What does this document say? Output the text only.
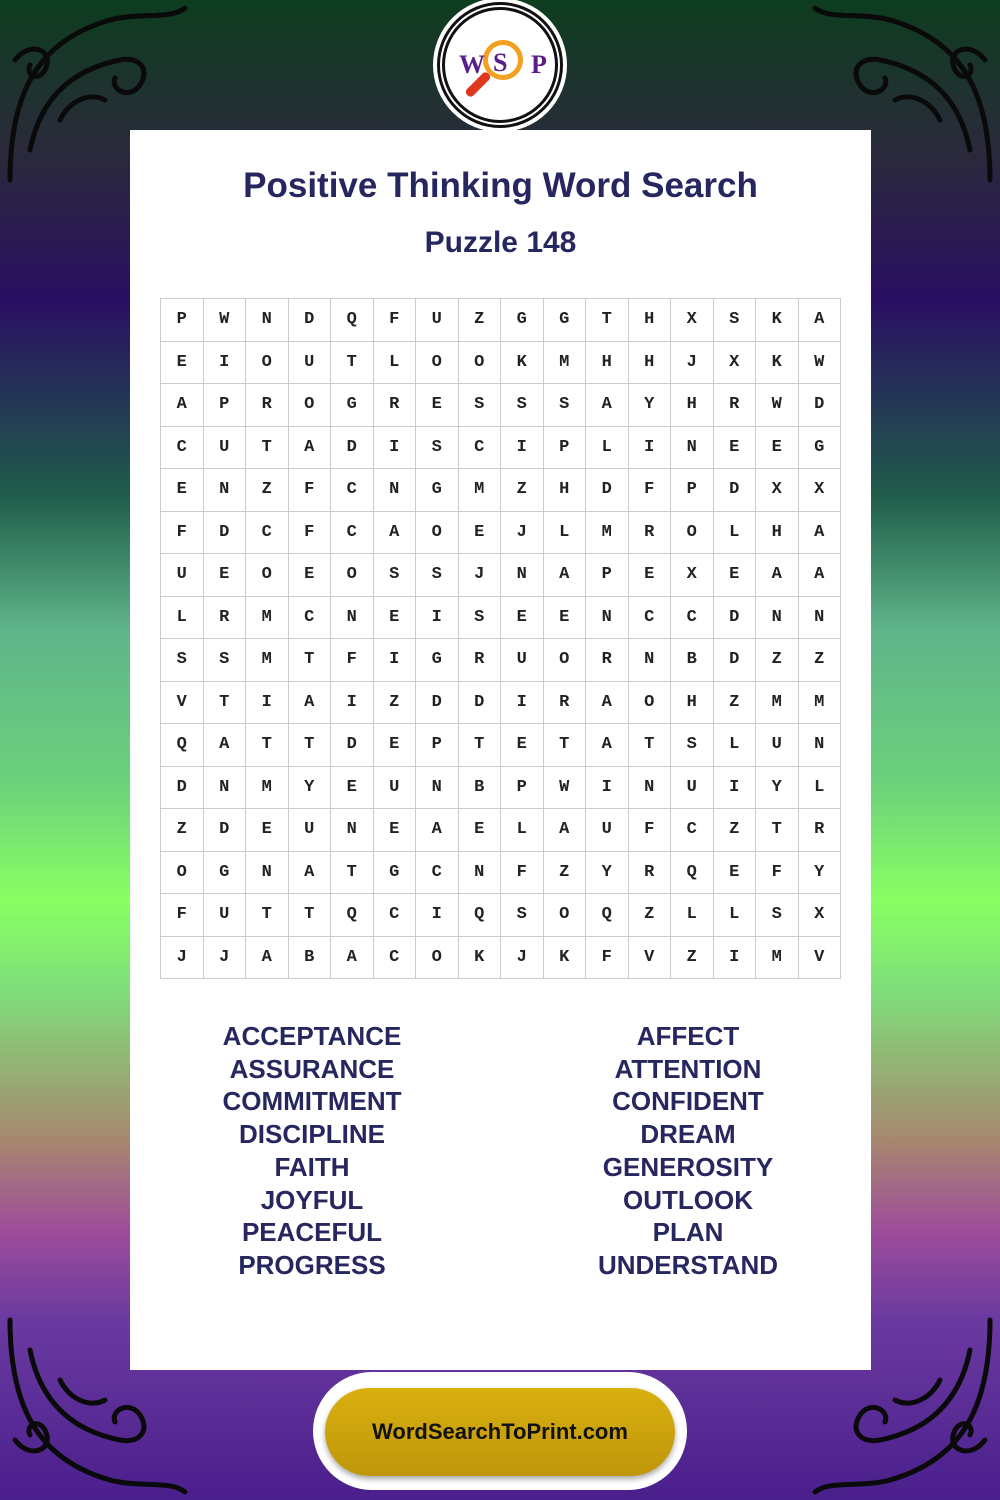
W S P
Positive Thinking Word Search
Puzzle 148
P	W	N	D	Q	F	U	Z	G	G	T	H	X	S	K	A
E	I	O	U	T	L	O	O	K	M	H	H	J	X	K	W
A	P	R	O	G	R	E	S	S	S	A	Y	H	R	W	D
C	U	T	A	D	I	S	C	I	P	L	I	N	E	E	G
E	N	Z	F	C	N	G	M	Z	H	D	F	P	D	X	X
F	D	C	F	C	A	O	E	J	L	M	R	O	L	H	A
U	E	O	E	O	S	S	J	N	A	P	E	X	E	A	A
L	R	M	C	N	E	I	S	E	E	N	C	C	D	N	N
S	S	M	T	F	I	G	R	U	O	R	N	B	D	Z	Z
V	T	I	A	I	Z	D	D	I	R	A	O	H	Z	M	M
Q	A	T	T	D	E	P	T	E	T	A	T	S	L	U	N
D	N	M	Y	E	U	N	B	P	W	I	N	U	I	Y	L
Z	D	E	U	N	E	A	E	L	A	U	F	C	Z	T	R
O	G	N	A	T	G	C	N	F	Z	Y	R	Q	E	F	Y
F	U	T	T	Q	C	I	Q	S	O	Q	Z	L	L	S	X
J	J	A	B	A	C	O	K	J	K	F	V	Z	I	M	V
ACCEPTANCE
ASSURANCE
COMMITMENT
DISCIPLINE
FAITH
JOYFUL
PEACEFUL
PROGRESS
AFFECT
ATTENTION
CONFIDENT
DREAM
GENEROSITY
OUTLOOK
PLAN
UNDERSTAND
WordSearchToPrint.com
